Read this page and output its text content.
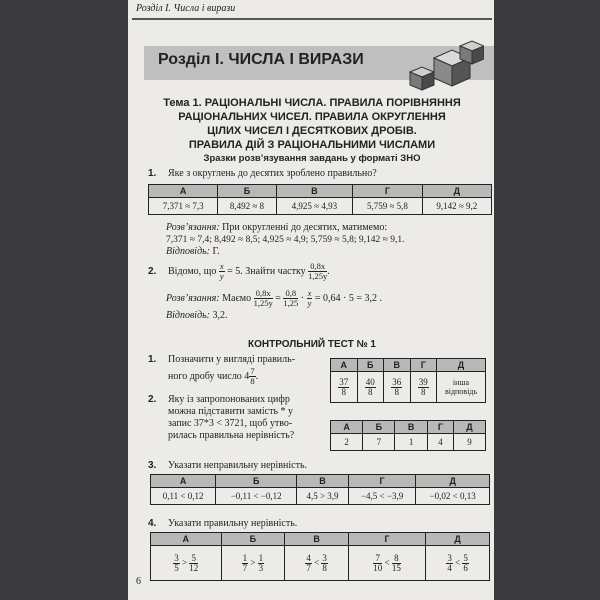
Розділ І. Числа і вирази
Розділ І. ЧИСЛА І ВИРАЗИ
Тема 1. РАЦІОНАЛЬНІ ЧИСЛА. ПРАВИЛА ПОРІВНЯННЯ
РАЦІОНАЛЬНИХ ЧИСЕЛ. ПРАВИЛА ОКРУГЛЕННЯ
ЦІЛИХ ЧИСЕЛ І ДЕСЯТКОВИХ ДРОБІВ.
ПРАВИЛА ДІЙ З РАЦІОНАЛЬНИМИ ЧИСЛАМИ
Зразки розв’язування завдань у форматі ЗНО
1. Яке з округлень до десятих зроблено правильно?
А	Б	В	Г	Д
7,371 ≈ 7,3	8,492 ≈ 8	4,925 ≈ 4,93	5,759 ≈ 5,8	9,142 ≈ 9,2
Розв’язання: При округленні до десятих, матимемо:
7,371 ≈ 7,4; 8,492 ≈ 8,5; 4,925 ≈ 4,9; 5,759 ≈ 5,8; 9,142 ≈ 9,1.
Відповідь: Г.
2. Відомо, що $\frac{x}{y} = 5$. Знайти частку $\frac{0,8x}{1,25y}$ .
Розв’язання: Маємо $\frac{0,8x}{1,25y} = \frac{0,8}{1,25} \cdot \frac{x}{y} = 0,64 \cdot 5 = 3,2$ .
Відповідь: 3,2.
КОНТРОЛЬНИЙ ТЕСТ № 1
1. Позначити у вигляді правиль-
ного дробу число $4 \frac{7}{8}$ .
А	Б	В	Г	Д

$\frac{37}{8}$	$\frac{40}{8}$	$\frac{36}{8}$	$\frac{39}{8}$	інша відповідь
2. Яку із запропонованих цифр
можна підставити замість * у
запис 37*3 < 3721, щоб утво-
рилась правильна нерівність?
А	Б	В	Г	Д
2	7	1	4	9
3. Указати неправильну нерівність.
А	Б	В	Г	Д
0,11 < 0,12	−0,11 < −0,12	4,5 > 3,9	−4,5 < −3,9	−0,02 < 0,13
4. Указати правильну нерівність.
А	Б	В	Г	Д

$\frac{3}{5} > \frac{5}{12}$	$\frac{1}{7} > \frac{1}{3}$	$\frac{4}{7} < \frac{3}{8}$	$\frac{7}{10} < \frac{8}{15}$	$\frac{3}{4} < \frac{5}{6}$
6
